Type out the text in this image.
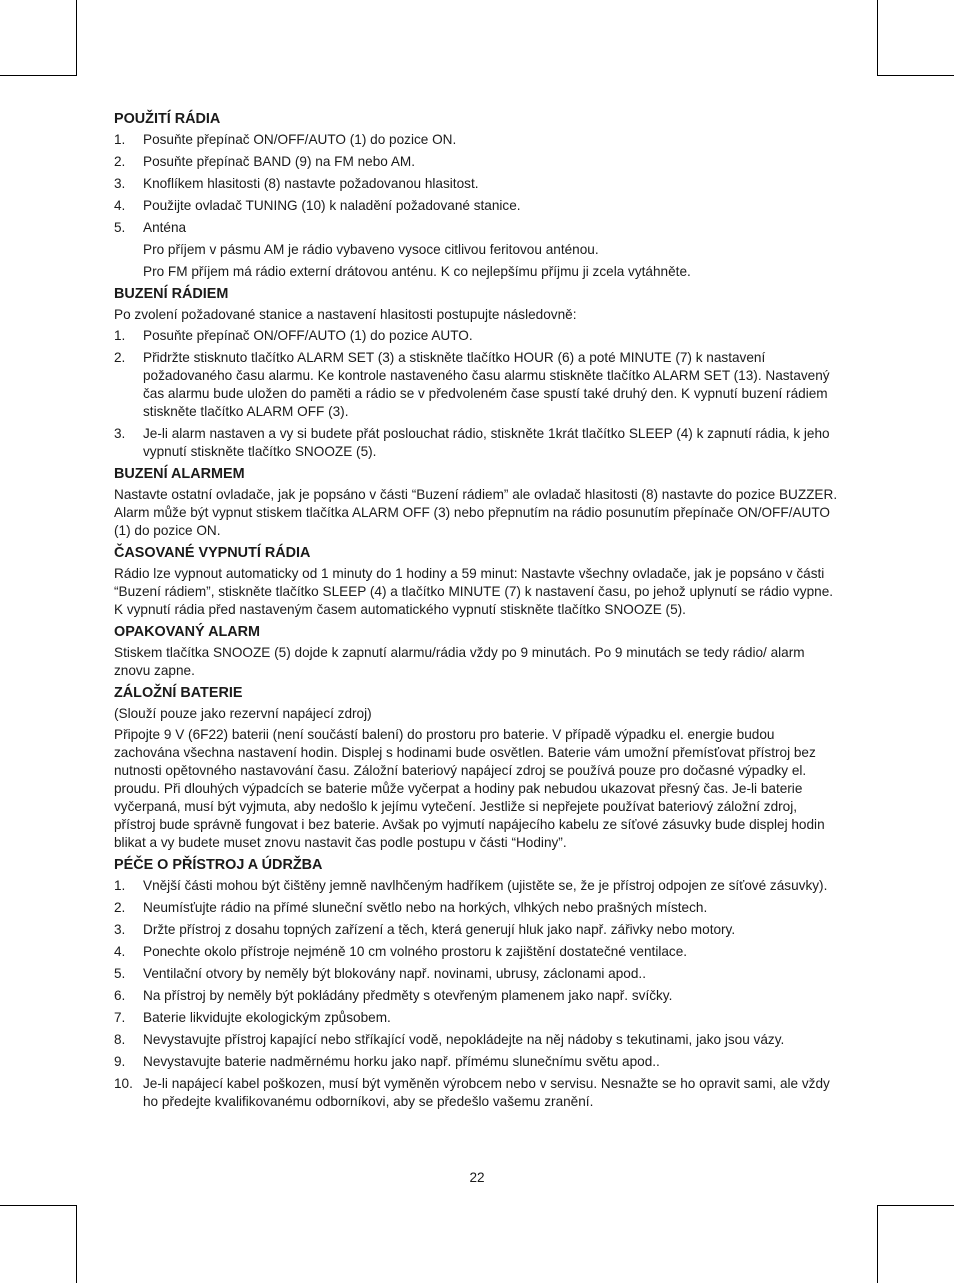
POUŽITÍ RÁDIA
1.	Posuňte přepínač ON/OFF/AUTO (1) do pozice ON.
2.	Posuňte přepínač BAND (9) na FM nebo AM.
3.	Knoflíkem hlasitosti (8) nastavte požadovanou hlasitost.
4.	Použijte ovladač TUNING (10) k naladění požadované stanice.
5.	Anténa
Pro příjem v pásmu AM je rádio vybaveno vysoce citlivou feritovou anténou.
Pro FM příjem má rádio externí drátovou anténu. K co nejlepšímu příjmu ji zcela vytáhněte.
BUZENÍ RÁDIEM

Po zvolení požadované stanice a nastavení hlasitosti postupujte následovně:

1.	Posuňte přepínač ON/OFF/AUTO (1) do pozice AUTO.
2.	Přidržte stisknuto tlačítko ALARM SET (3) a stiskněte tlačítko HOUR (6) a poté MINUTE (7) k nastavení požadovaného času alarmu. Ke kontrole nastaveného času alarmu stiskněte tlačítko ALARM SET (13). Nastavený čas alarmu bude uložen do paměti a rádio se v předvoleném čase spustí také druhý den. K vypnutí buzení rádiem stiskněte tlačítko ALARM OFF (3).
3.	Je-li alarm nastaven a vy si budete přát poslouchat rádio, stiskněte 1krát tlačítko SLEEP (4) k zapnutí rádia, k jeho vypnutí stiskněte tlačítko SNOOZE (5).
BUZENÍ ALARMEM

Nastavte ostatní ovladače, jak je popsáno v části “Buzení rádiem” ale ovladač hlasitosti (8) nastavte do pozice BUZZER. Alarm může být vypnut stiskem tlačítka ALARM OFF (3) nebo přepnutím na rádio posunutím přepínače ON/OFF/AUTO (1) do pozice ON.

ČASOVANÉ VYPNUTÍ RÁDIA

Rádio lze vypnout automaticky od 1 minuty do 1 hodiny a 59 minut: Nastavte všechny ovladače, jak je popsáno v části “Buzení rádiem”, stiskněte tlačítko SLEEP (4) a tlačítko MINUTE (7) k nastavení času, po jehož uplynutí se rádio vypne. K vypnutí rádia před nastaveným časem automatického vypnutí stiskněte tlačítko SNOOZE (5).

OPAKOVANÝ ALARM

Stiskem tlačítka SNOOZE (5) dojde k zapnutí alarmu/rádia vždy po 9 minutách. Po 9 minutách se tedy rádio/ alarm znovu zapne.

ZÁLOŽNÍ BATERIE

(Slouží pouze jako rezervní napájecí zdroj)

Připojte 9 V (6F22) baterii (není součástí balení) do prostoru pro baterie. V případě výpadku el. energie budou zachována všechna nastavení hodin. Displej s hodinami bude osvětlen. Baterie vám umožní přemísťovat přístroj bez nutnosti opětovného nastavování času. Záložní bateriový napájecí zdroj se používá pouze pro dočasné výpadky el. proudu. Při dlouhých výpadcích se baterie může vyčerpat a hodiny pak nebudou ukazovat přesný čas. Je-li baterie vyčerpaná, musí být vyjmuta, aby nedošlo k jejímu vytečení. Jestliže si nepřejete používat bateriový záložní zdroj, přístroj bude správně fungovat i bez baterie. Avšak po vyjmutí napájecího kabelu ze síťové zásuvky bude displej hodin blikat a vy budete muset znovu nastavit čas podle postupu v části “Hodiny”.

PÉČE O PŘÍSTROJ A ÚDRŽBA
1.	Vnější části mohou být čištěny jemně navlhčeným hadříkem (ujistěte se, že je přístroj odpojen ze síťové zásuvky).
2.	Neumísťujte rádio na přímé sluneční světlo nebo na horkých, vlhkých nebo prašných místech.
3.	Držte přístroj z dosahu topných zařízení a těch, která generují hluk jako např. zářivky nebo motory.
4.	Ponechte okolo přístroje nejméně 10 cm volného prostoru k zajištění dostatečné ventilace.
5.	Ventilační otvory by neměly být blokovány např. novinami, ubrusy, záclonami apod..
6.	Na přístroj by neměly být pokládány předměty s otevřeným plamenem jako např. svíčky.
7.	Baterie likvidujte ekologickým způsobem.
8.	Nevystavujte přístroj kapající nebo stříkající vodě, nepokládejte na něj nádoby s tekutinami, jako jsou vázy.
9.	Nevystavujte baterie nadměrnému horku jako např. přímému slunečnímu světu apod..
10. Je-li napájecí kabel poškozen, musí být vyměněn výrobcem nebo v servisu. Nesnažte se ho opravit sami, ale vždy ho předejte kvalifikovanému odborníkovi, aby se předešlo vašemu zranění.
22
